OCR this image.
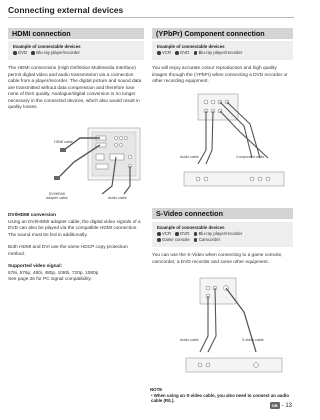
Connecting external devices
HDMI connection
Example of connectable devices
DVD Blu-ray player/recorder

The HDMI connections (High Definition Multimedia Interface) permit digital video and audio transmission via a connection cable from a player/recorder. The digital picture and sound data are transmitted without data compression and therefore lose none of their quality. Analogue/digital conversion is no longer necessary in the connected devices, which also would result in quality losses.

HDMI cable
DVI/HDMI
adapter cable	Audio cable

DVI/HDMI conversion

Using an DVI/HDMI adapter cable, the digital video signals of a DVD can also be played via the compatible HDMI connection. The sound must be fed in additionally.

Both HDMI and DVI use the same HDCP copy protection method.

Supported video signal:

576i, 576p, 480i, 480p, 1080i, 720p, 1080p

See page 26 for PC signal compatibility.

(YPbPr) Component connection
Example of connectable devices
VCR DVD Blu-ray player/recorder

You will enjoy accurate colour reproduction and high quality images through the (YPbPr) when connecting a DVD recorder or other recording equipment.

Audio cable	Component cable
S-Video connection
Example of connectable devices
VCR DVD Blu-ray player/recorder
Game console Camcorder

You can use the S-Video when connecting to a game console, camcorder, a DVD recorder and some other equipment.

Audio cable	S-video cable
NOTE
• When using an S-video cable, you also need to connect an audio cable (R/L).
GB - 13
